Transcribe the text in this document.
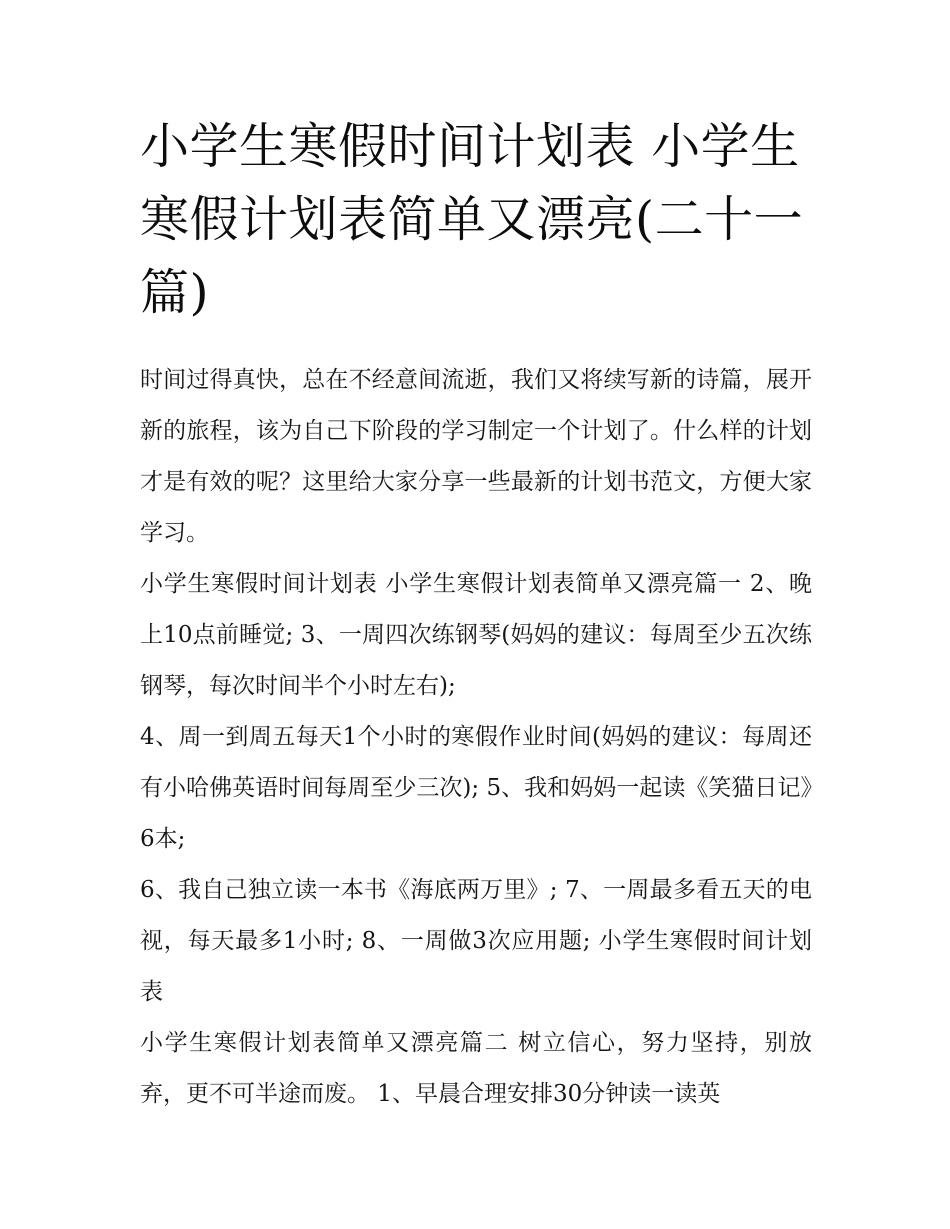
小学生寒假时间计划表 小学生寒假计划表简单又漂亮(二十一篇)

时间过得真快，总在不经意间流逝，我们又将续写新的诗篇，展开新的旅程，该为自己下阶段的学习制定一个计划了。什么样的计划才是有效的呢？这里给大家分享一些最新的计划书范文，方便大家学习。

小学生寒假时间计划表 小学生寒假计划表简单又漂亮篇一 2、晚上10点前睡觉; 3、一周四次练钢琴(妈妈的建议：每周至少五次练钢琴，每次时间半个小时左右);

4、周一到周五每天1个小时的寒假作业时间(妈妈的建议：每周还有小哈佛英语时间每周至少三次); 5、我和妈妈一起读《笑猫日记》6本;

6、我自己独立读一本书《海底两万里》; 7、一周最多看五天的电视，每天最多1小时; 8、一周做3次应用题; 小学生寒假时间计划表

小学生寒假计划表简单又漂亮篇二 树立信心，努力坚持，别放弃，更不可半途而废。 1、早晨合理安排30分钟读一读英
